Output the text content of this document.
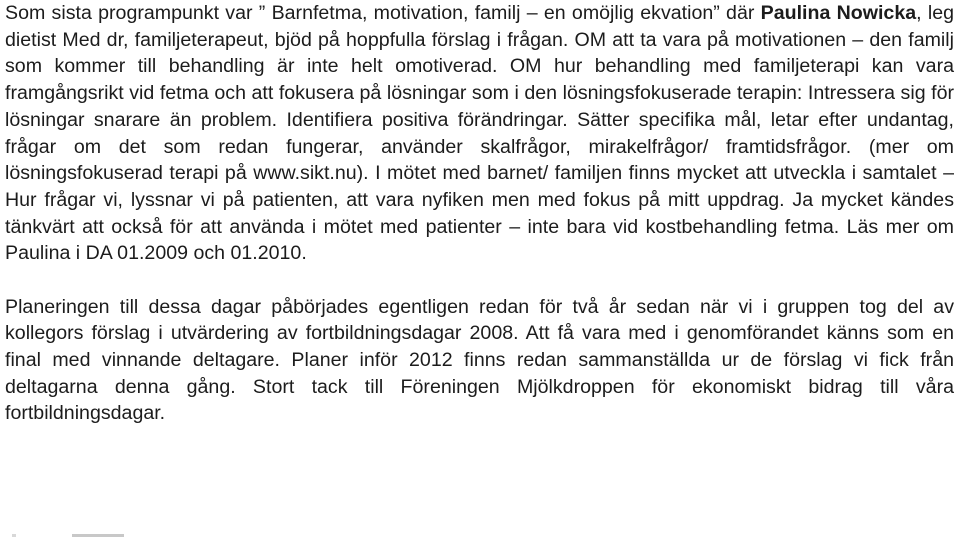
Som sista programpunkt var ” Barnfetma, motivation, familj – en omöjlig ekvation” där Paulina Nowicka, leg dietist Med dr, familjeterapeut, bjöd på hoppfulla förslag i frågan. OM att ta vara på motivationen – den familj som kommer till behandling är inte helt omotiverad. OM hur behandling med familjeterapi kan vara framgångsrikt vid fetma och att fokusera på lösningar som i den lösningsfokuserade terapin: Intressera sig för lösningar snarare än problem. Identifiera positiva förändringar. Sätter specifika mål, letar efter undantag, frågar om det som redan fungerar, använder skalfrågor, mirakelfrågor/ framtidsfrågor. (mer om lösningsfokuserad terapi på www.sikt.nu). I mötet med barnet/ familjen finns mycket att utveckla i samtalet – Hur frågar vi, lyssnar vi på patienten, att vara nyfiken men med fokus på mitt uppdrag. Ja mycket kändes tänkvärt att också för att använda i mötet med patienter – inte bara vid kostbehandling fetma. Läs mer om Paulina i DA 01.2009 och 01.2010.

Planeringen till dessa dagar påbörjades egentligen redan för två år sedan när vi i gruppen tog del av kollegors förslag i utvärdering av fortbildningsdagar 2008. Att få vara med i genomförandet känns som en final med vinnande deltagare. Planer inför 2012 finns redan sammanställda ur de förslag vi fick från deltagarna denna gång. Stort tack till Föreningen Mjölkdroppen för ekonomiskt bidrag till våra fortbildningsdagar.
